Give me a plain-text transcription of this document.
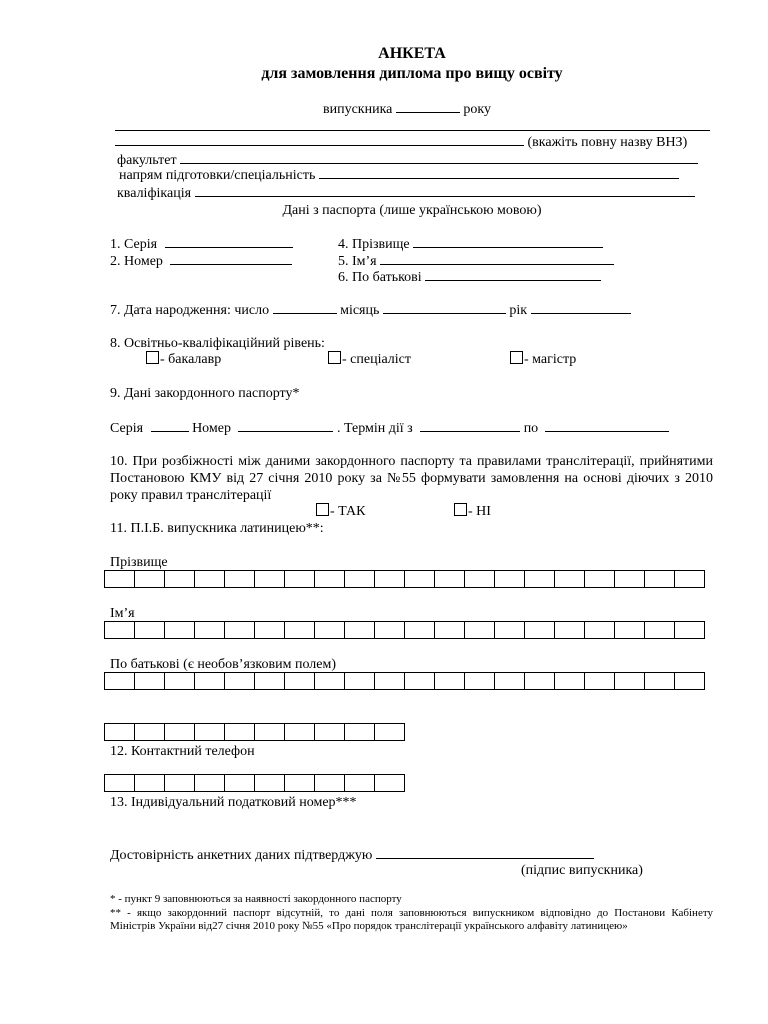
АНКЕТА
для замовлення диплома про вищу освіту
випускника	року
(вкажіть повну назву ВНЗ)
факультет
напрям підготовки/спеціальність
кваліфікація
Дані з паспорта (лише українською мовою)
1. Серія
2. Номер
4. Прізвище
5. Ім’я
6. По батькові
7. Дата народження: число	місяць	рік
8. Освітньо-кваліфікаційний рівень:
- бакалавр	- спеціаліст	- магістр
9. Дані закордонного паспорту*
Серія	Номер	. Термін дії з	по
10. При розбіжності між даними закордонного паспорту та правилами транслітерації, прийнятими Постановою КМУ від 27 січня 2010 року за №55 формувати замовлення на основі діючих з 2010 року правил транслітерації
- ТАК	- НІ
11. П.І.Б. випускника латиницею**:
Прізвище

Ім’я

По батькові (є необов’язковим полем)

12. Контактний телефон

13. Індивідуальний податковий номер***
Достовірність анкетних даних підтверджую
(підпис випускника)
* - пункт 9 заповнюються за наявності закордонного паспорту
** - якщо закордонний паспорт відсутній, то дані поля заповнюються випускником відповідно до Постанови Кабінету Міністрів України від27 січня 2010 року №55 «Про порядок транслітерації українського алфавіту латиницею»
